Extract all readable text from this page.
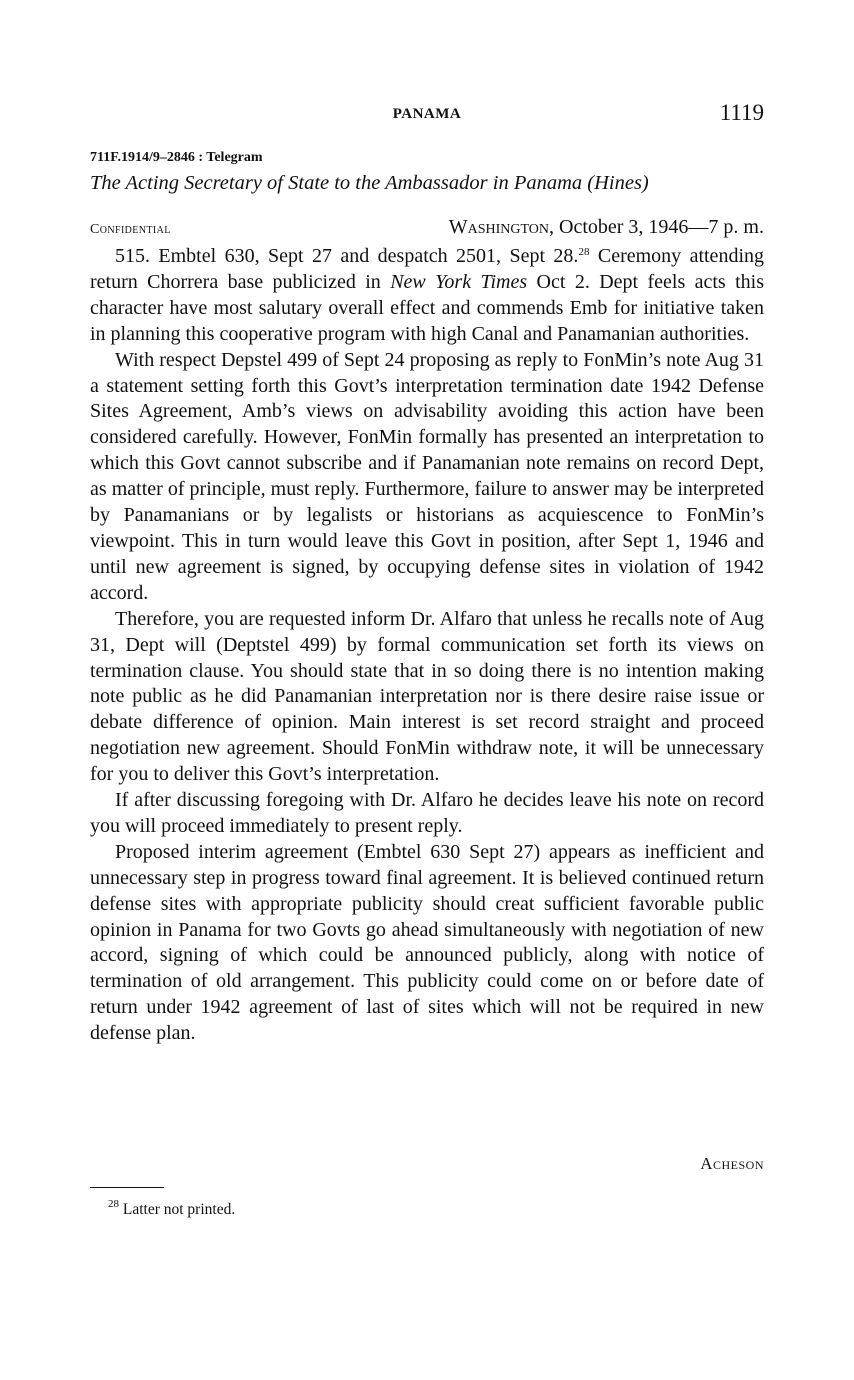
PANAMA	1119
711F.1914/9–2846 : Telegram
The Acting Secretary of State to the Ambassador in Panama (Hines)
Confidential	Washington, October 3, 1946—7 p. m.

515. Embtel 630, Sept 27 and despatch 2501, Sept 28.28 Ceremony attending return Chorrera base publicized in New York Times Oct 2. Dept feels acts this character have most salutary overall effect and commends Emb for initiative taken in planning this cooperative program with high Canal and Panamanian authorities.

With respect Depstel 499 of Sept 24 proposing as reply to FonMin’s note Aug 31 a statement setting forth this Govt’s interpretation termination date 1942 Defense Sites Agreement, Amb’s views on advisability avoiding this action have been considered carefully. However, FonMin formally has presented an interpretation to which this Govt cannot subscribe and if Panamanian note remains on record Dept, as matter of principle, must reply. Furthermore, failure to answer may be interpreted by Panamanians or by legalists or historians as acquiescence to FonMin’s viewpoint. This in turn would leave this Govt in position, after Sept 1, 1946 and until new agreement is signed, by occupying defense sites in violation of 1942 accord.

Therefore, you are requested inform Dr. Alfaro that unless he recalls note of Aug 31, Dept will (Deptstel 499) by formal communication set forth its views on termination clause. You should state that in so doing there is no intention making note public as he did Panamanian interpretation nor is there desire raise issue or debate difference of opinion. Main interest is set record straight and proceed negotiation new agreement. Should FonMin withdraw note, it will be unnecessary for you to deliver this Govt’s interpretation.

If after discussing foregoing with Dr. Alfaro he decides leave his note on record you will proceed immediately to present reply.

Proposed interim agreement (Embtel 630 Sept 27) appears as inefficient and unnecessary step in progress toward final agreement. It is believed continued return defense sites with appropriate publicity should creat sufficient favorable public opinion in Panama for two Govts go ahead simultaneously with negotiation of new accord, signing of which could be announced publicly, along with notice of termination of old arrangement. This publicity could come on or before date of return under 1942 agreement of last of sites which will not be required in new defense plan.

Acheson
$^{28}$ Latter not printed.
